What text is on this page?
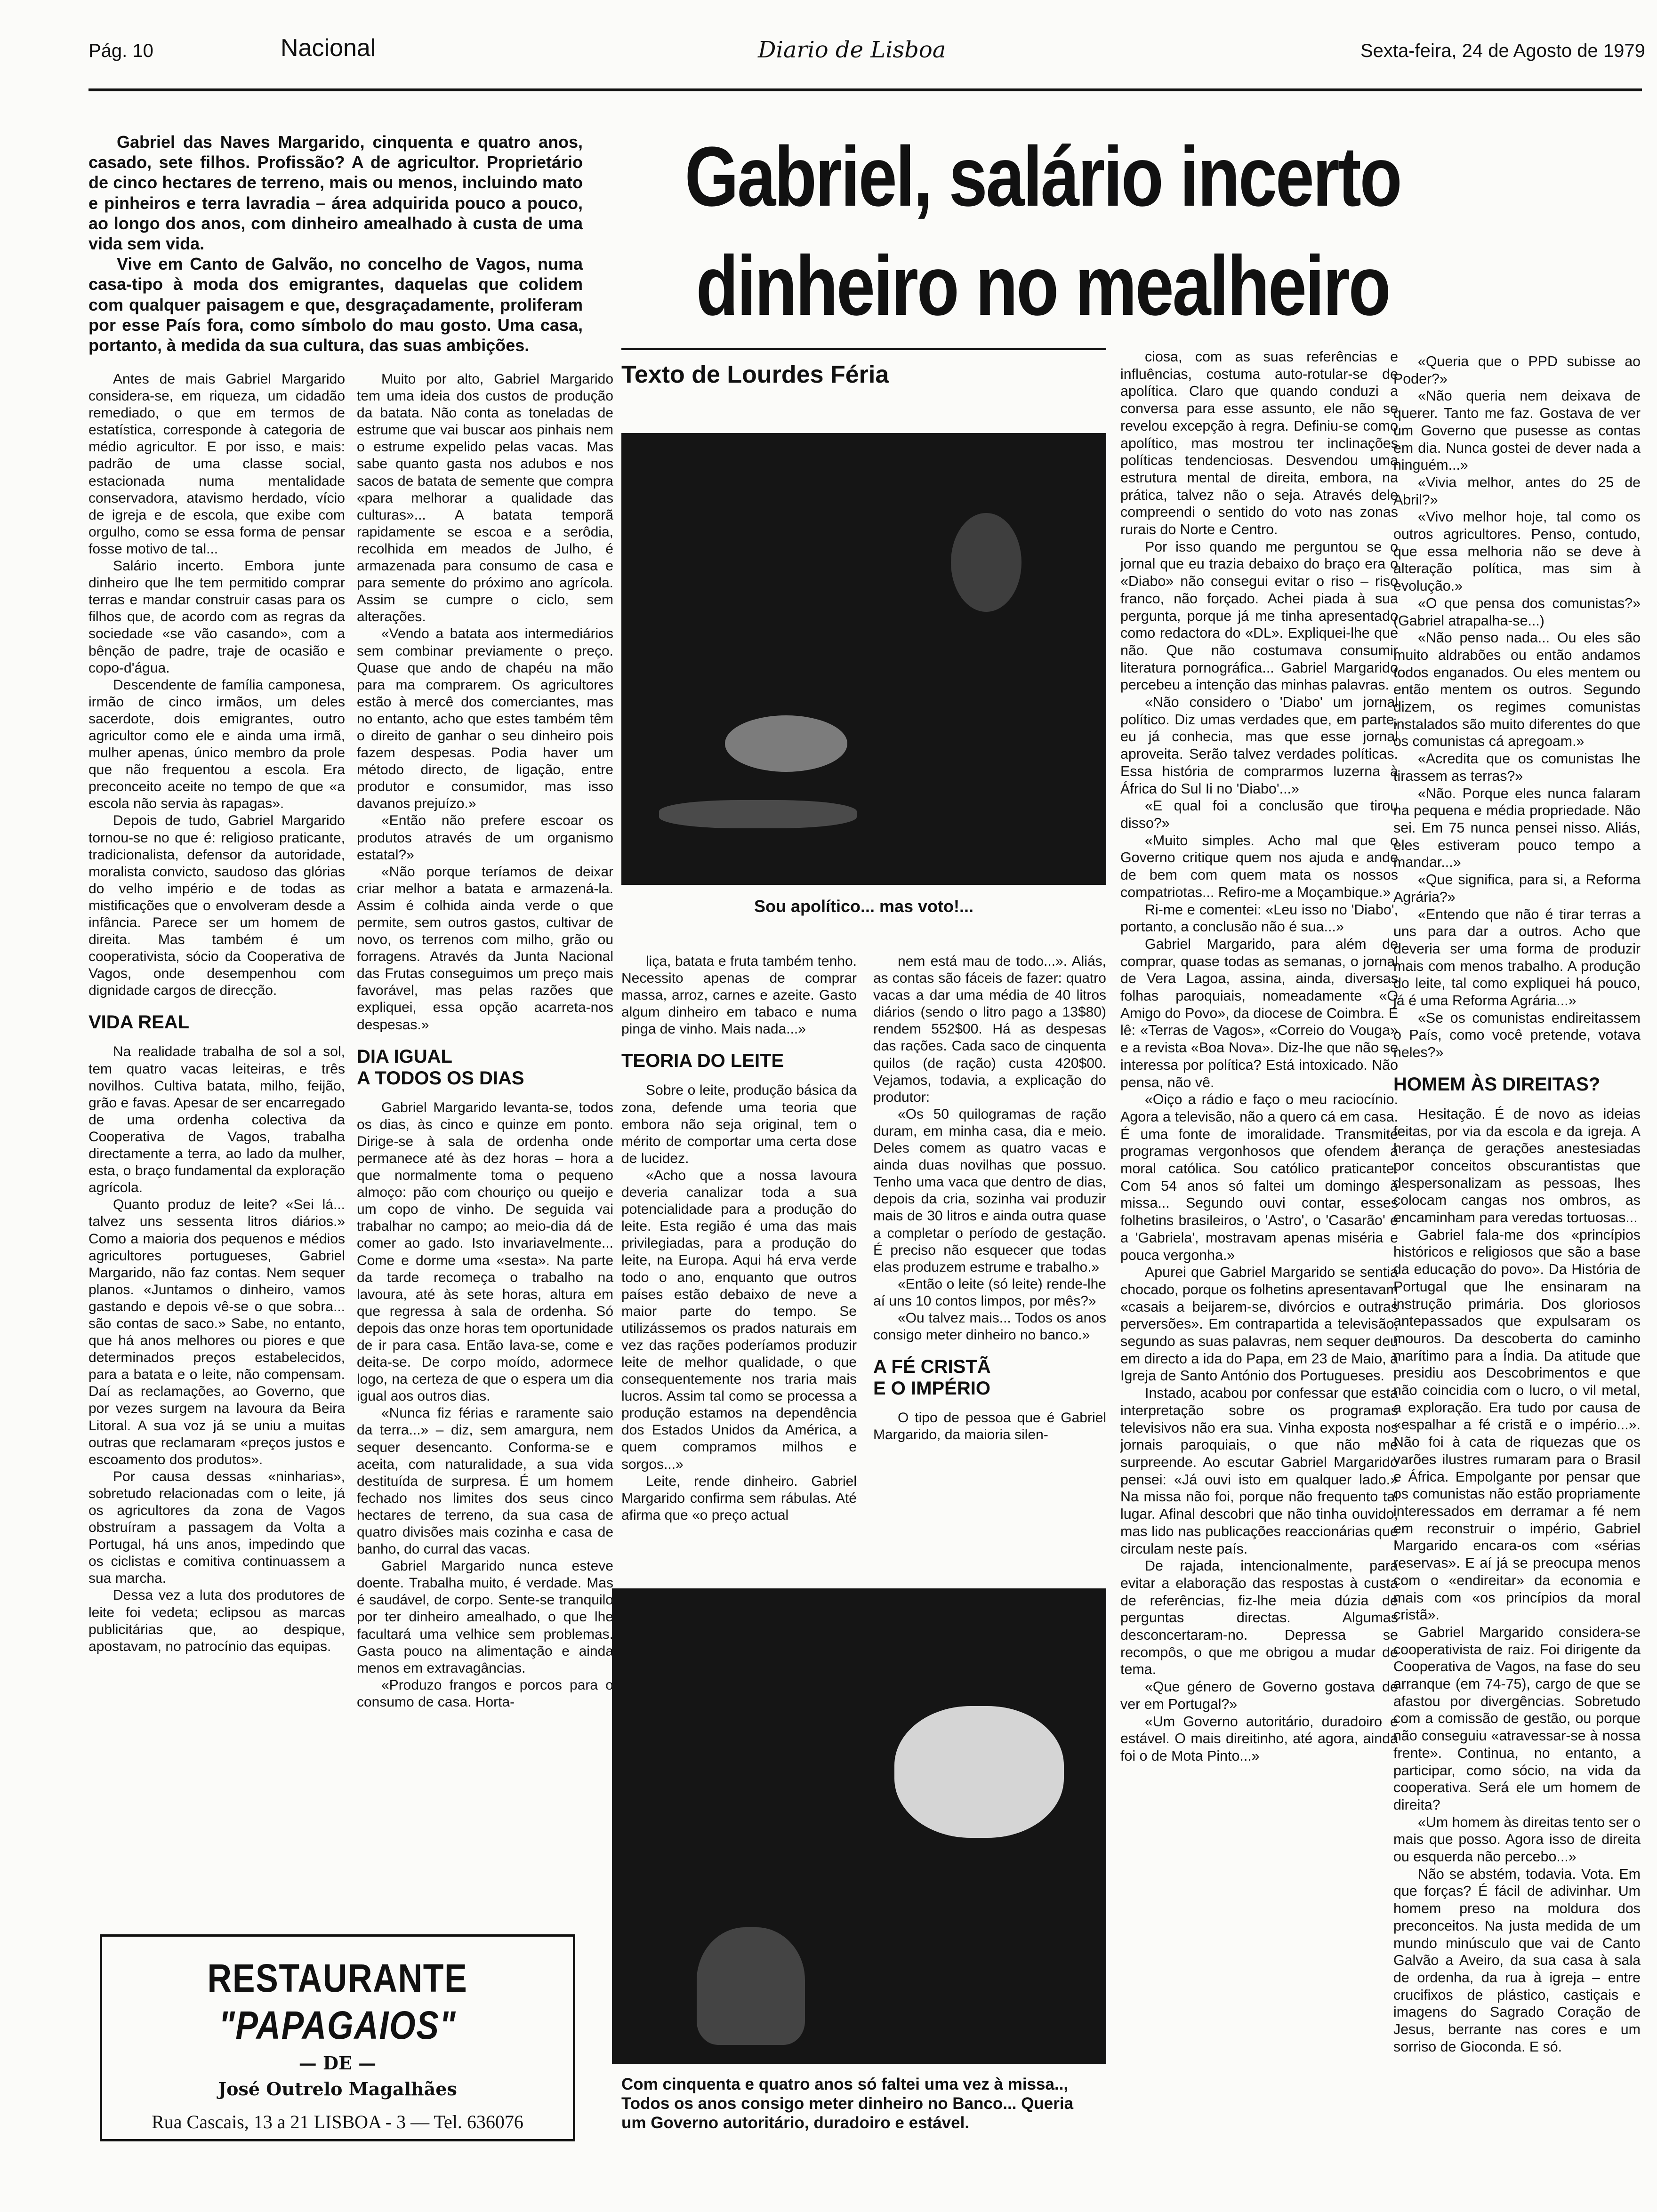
Pág. 10	Nacional	Diario de Lisboa	Sexta-feira, 24 de Agosto de 1979

Gabriel das Naves Margarido, cinquenta e quatro anos, casado, sete filhos. Profissão? A de agricultor. Proprietário de cinco hectares de terreno, mais ou menos, incluindo mato e pinheiros e terra lavradia – área adquirida pouco a pouco, ao longo dos anos, com dinheiro amealhado à custa de uma vida sem vida.

Vive em Canto de Galvão, no concelho de Vagos, numa casa-tipo à moda dos emigrantes, daquelas que colidem com qualquer paisagem e que, desgraçadamente, proliferam por esse País fora, como símbolo do mau gosto. Uma casa, portanto, à medida da sua cultura, das suas ambições.

Gabriel, salário incerto
dinheiro no mealheiro
Texto de Lourdes Féria
Sou apolítico... mas voto!...
Com cinquenta e quatro anos só faltei uma vez à missa.., Todos os anos consigo meter dinheiro no Banco... Queria um Governo autoritário, duradoiro e estável.

Antes de mais Gabriel Margarido considera-se, em riqueza, um cidadão remediado, o que em termos de estatística, corresponde à categoria de médio agricultor. E por isso, e mais: padrão de uma classe social, estacionada numa mentalidade conservadora, atavismo herdado, vício de igreja e de escola, que exibe com orgulho, como se essa forma de pensar fosse motivo de tal...

Salário incerto. Embora junte dinheiro que lhe tem permitido comprar terras e mandar construir casas para os filhos que, de acordo com as regras da sociedade «se vão casando», com a bênção de padre, traje de ocasião e copo-d'água.

Descendente de família camponesa, irmão de cinco irmãos, um deles sacerdote, dois emigrantes, outro agricultor como ele e ainda uma irmã, mulher apenas, único membro da prole que não frequentou a escola. Era preconceito aceite no tempo de que «a escola não servia às rapagas».

Depois de tudo, Gabriel Margarido tornou-se no que é: religioso praticante, tradicionalista, defensor da autoridade, moralista convicto, saudoso das glórias do velho império e de todas as mistificações que o envolveram desde a infância. Parece ser um homem de direita. Mas também é um cooperativista, sócio da Cooperativa de Vagos, onde desempenhou com dignidade cargos de direcção.

VIDA REAL

Na realidade trabalha de sol a sol, tem quatro vacas leiteiras, e três novilhos. Cultiva batata, milho, feijão, grão e favas. Apesar de ser encarregado de uma ordenha colectiva da Cooperativa de Vagos, trabalha directamente a terra, ao lado da mulher, esta, o braço fundamental da exploração agrícola.

Quanto produz de leite? «Sei lá... talvez uns sessenta litros diários.» Como a maioria dos pequenos e médios agricultores portugueses, Gabriel Margarido, não faz contas. Nem sequer planos. «Juntamos o dinheiro, vamos gastando e depois vê-se o que sobra... são contas de saco.» Sabe, no entanto, que há anos melhores ou piores e que determinados preços estabelecidos, para a batata e o leite, não compensam. Daí as reclamações, ao Governo, que por vezes surgem na lavoura da Beira Litoral. A sua voz já se uniu a muitas outras que reclamaram «preços justos e escoamento dos produtos».

Por causa dessas «ninharias», sobretudo relacionadas com o leite, já os agricultores da zona de Vagos obstruíram a passagem da Volta a Portugal, há uns anos, impedindo que os ciclistas e comitiva continuassem a sua marcha.

Dessa vez a luta dos produtores de leite foi vedeta; eclipsou as marcas publicitárias que, ao despique, apostavam, no patrocínio das equipas.

Muito por alto, Gabriel Margarido tem uma ideia dos custos de produção da batata. Não conta as toneladas de estrume que vai buscar aos pinhais nem o estrume expelido pelas vacas. Mas sabe quanto gasta nos adubos e nos sacos de batata de semente que compra «para melhorar a qualidade das culturas»... A batata temporã rapidamente se escoa e a serôdia, recolhida em meados de Julho, é armazenada para consumo de casa e para semente do próximo ano agrícola. Assim se cumpre o ciclo, sem alterações.

«Vendo a batata aos intermediários sem combinar previamente o preço. Quase que ando de chapéu na mão para ma comprarem. Os agricultores estão à mercê dos comerciantes, mas no entanto, acho que estes também têm o direito de ganhar o seu dinheiro pois fazem despesas. Podia haver um método directo, de ligação, entre produtor e consumidor, mas isso davanos prejuízo.»

«Então não prefere escoar os produtos através de um organismo estatal?»

«Não porque teríamos de deixar criar melhor a batata e armazená-la. Assim é colhida ainda verde o que permite, sem outros gastos, cultivar de novo, os terrenos com milho, grão ou forragens. Através da Junta Nacional das Frutas conseguimos um preço mais favorável, mas pelas razões que expliquei, essa opção acarreta-nos despesas.»

DIA IGUAL
A TODOS OS DIAS

Gabriel Margarido levanta-se, todos os dias, às cinco e quinze em ponto. Dirige-se à sala de ordenha onde permanece até às dez horas – hora a que normalmente toma o pequeno almoço: pão com chouriço ou queijo e um copo de vinho. De seguida vai trabalhar no campo; ao meio-dia dá de comer ao gado. Isto invariavelmente... Come e dorme uma «sesta». Na parte da tarde recomeça o trabalho na lavoura, até às sete horas, altura em que regressa à sala de ordenha. Só depois das onze horas tem oportunidade de ir para casa. Então lava-se, come e deita-se. De corpo moído, adormece logo, na certeza de que o espera um dia igual aos outros dias.

«Nunca fiz férias e raramente saio da terra...» – diz, sem amargura, nem sequer desencanto. Conforma-se e aceita, com naturalidade, a sua vida destituída de surpresa. É um homem fechado nos limites dos seus cinco hectares de terreno, da sua casa de quatro divisões mais cozinha e casa de banho, do curral das vacas.

Gabriel Margarido nunca esteve doente. Trabalha muito, é verdade. Mas é saudável, de corpo. Sente-se tranquilo por ter dinheiro amealhado, o que lhe facultará uma velhice sem problemas. Gasta pouco na alimentação e ainda menos em extravagâncias.

«Produzo frangos e porcos para o consumo de casa. Horta-

liça, batata e fruta também tenho. Necessito apenas de comprar massa, arroz, carnes e azeite. Gasto algum dinheiro em tabaco e numa pinga de vinho. Mais nada...»

TEORIA DO LEITE

Sobre o leite, produção básica da zona, defende uma teoria que embora não seja original, tem o mérito de comportar uma certa dose de lucidez.

«Acho que a nossa lavoura deveria canalizar toda a sua potencialidade para a produção do leite. Esta região é uma das mais privilegiadas, para a produção do leite, na Europa. Aqui há erva verde todo o ano, enquanto que outros países estão debaixo de neve a maior parte do tempo. Se utilizássemos os prados naturais em vez das rações poderíamos produzir leite de melhor qualidade, o que consequentemente nos traria mais lucros. Assim tal como se processa a produção estamos na dependência dos Estados Unidos da América, a quem compramos milhos e sorgos...»

Leite, rende dinheiro. Gabriel Margarido confirma sem rábulas. Até afirma que «o preço actual

nem está mau de todo...». Aliás, as contas são fáceis de fazer: quatro vacas a dar uma média de 40 litros diários (sendo o litro pago a 13$80) rendem 552$00. Há as despesas das rações. Cada saco de cinquenta quilos (de ração) custa 420$00. Vejamos, todavia, a explicação do produtor:

«Os 50 quilogramas de ração duram, em minha casa, dia e meio. Deles comem as quatro vacas e ainda duas novilhas que possuo. Tenho uma vaca que dentro de dias, depois da cria, sozinha vai produzir mais de 30 litros e ainda outra quase a completar o período de gestação. É preciso não esquecer que todas elas produzem estrume e trabalho.»

«Então o leite (só leite) rende-lhe aí uns 10 contos limpos, por mês?»

«Ou talvez mais... Todos os anos consigo meter dinheiro no banco.»

A FÉ CRISTÃ
E O IMPÉRIO

O tipo de pessoa que é Gabriel Margarido, da maioria silen-

ciosa, com as suas referências e influências, costuma auto-rotular-se de apolítica. Claro que quando conduzi a conversa para esse assunto, ele não se revelou excepção à regra. Definiu-se como apolítico, mas mostrou ter inclinações políticas tendenciosas. Desvendou uma estrutura mental de direita, embora, na prática, talvez não o seja. Através dele compreendi o sentido do voto nas zonas rurais do Norte e Centro.

Por isso quando me perguntou se o jornal que eu trazia debaixo do braço era o «Diabo» não consegui evitar o riso – riso franco, não forçado. Achei piada à sua pergunta, porque já me tinha apresentado como redactora do «DL». Expliquei-lhe que não. Que não costumava consumir literatura pornográfica... Gabriel Margarido percebeu a intenção das minhas palavras.

«Não considero o 'Diabo' um jornal político. Diz umas verdades que, em parte, eu já conhecia, mas que esse jornal aproveita. Serão talvez verdades políticas. Essa história de comprarmos luzerna à África do Sul Ii no 'Diabo'...»

«E qual foi a conclusão que tirou disso?»

«Muito simples. Acho mal que o Governo critique quem nos ajuda e ande de bem com quem mata os nossos compatriotas... Refiro-me a Moçambique.»

Ri-me e comentei: «Leu isso no 'Diabo', portanto, a conclusão não é sua...»

Gabriel Margarido, para além de comprar, quase todas as semanas, o jornal de Vera Lagoa, assina, ainda, diversas folhas paroquiais, nomeadamente «O Amigo do Povo», da diocese de Coimbra. E lê: «Terras de Vagos», «Correio do Vouga» e a revista «Boa Nova». Diz-lhe que não se interessa por política? Está intoxicado. Não pensa, não vê.

«Oiço a rádio e faço o meu raciocínio. Agora a televisão, não a quero cá em casa. É uma fonte de imoralidade. Transmite programas vergonhosos que ofendem a moral católica. Sou católico praticante. Com 54 anos só faltei um domingo à missa... Segundo ouvi contar, esses folhetins brasileiros, o 'Astro', o 'Casarão' e a 'Gabriela', mostravam apenas miséria e pouca vergonha.»

Apurei que Gabriel Margarido se sentia chocado, porque os folhetins apresentavam «casais a beijarem-se, divórcios e outras perversões». Em contrapartida a televisão, segundo as suas palavras, nem sequer deu em directo a ida do Papa, em 23 de Maio, à Igreja de Santo António dos Portugueses.

Instado, acabou por confessar que esta interpretação sobre os programas televisivos não era sua. Vinha exposta nos jornais paroquiais, o que não me surpreende. Ao escutar Gabriel Margarido pensei: «Já ouvi isto em qualquer lado.» Na missa não foi, porque não frequento tal lugar. Afinal descobri que não tinha ouvido, mas lido nas publicações reaccionárias que circulam neste país.

De rajada, intencionalmente, para evitar a elaboração das respostas à custa de referências, fiz-lhe meia dúzia de perguntas directas. Algumas desconcertaram-no. Depressa se recompôs, o que me obrigou a mudar de tema.

«Que género de Governo gostava de ver em Portugal?»

«Um Governo autoritário, duradoiro e estável. O mais direitinho, até agora, ainda foi o de Mota Pinto...»

«Queria que o PPD subisse ao Poder?»

«Não queria nem deixava de querer. Tanto me faz. Gostava de ver um Governo que pusesse as contas em dia. Nunca gostei de dever nada a ninguém...»

«Vivia melhor, antes do 25 de Abril?»

«Vivo melhor hoje, tal como os outros agricultores. Penso, contudo, que essa melhoria não se deve à alteração política, mas sim à evolução.»

«O que pensa dos comunistas?» (Gabriel atrapalha-se...)

«Não penso nada... Ou eles são muito aldrabões ou então andamos todos enganados. Ou eles mentem ou então mentem os outros. Segundo dizem, os regimes comunistas instalados são muito diferentes do que os comunistas cá apregoam.»

«Acredita que os comunistas lhe tirassem as terras?»

«Não. Porque eles nunca falaram na pequena e média propriedade. Não sei. Em 75 nunca pensei nisso. Aliás, eles estiveram pouco tempo a mandar...»

«Que significa, para si, a Reforma Agrária?»

«Entendo que não é tirar terras a uns para dar a outros. Acho que deveria ser uma forma de produzir mais com menos trabalho. A produção do leite, tal como expliquei há pouco, já é uma Reforma Agrária...»

«Se os comunistas endireitassem o País, como você pretende, votava neles?»

HOMEM ÀS DIREITAS?

Hesitação. É de novo as ideias feitas, por via da escola e da igreja. A herança de gerações anestesiadas por conceitos obscurantistas que despersonalizam as pessoas, lhes colocam cangas nos ombros, as encaminham para veredas tortuosas...

Gabriel fala-me dos «princípios históricos e religiosos que são a base da educação do povo». Da História de Portugal que lhe ensinaram na instrução primária. Dos gloriosos antepassados que expulsaram os mouros. Da descoberta do caminho marítimo para a Índia. Da atitude que presidiu aos Descobrimentos e que não coincidia com o lucro, o vil metal, a exploração. Era tudo por causa de «espalhar a fé cristã e o império...». Não foi à cata de riquezas que os varões ilustres rumaram para o Brasil e África. Empolgante por pensar que os comunistas não estão propriamente interessados em derramar a fé nem em reconstruir o império, Gabriel Margarido encara-os com «sérias reservas». E aí já se preocupa menos com o «endireitar» da economia e mais com «os princípios da moral cristã».

Gabriel Margarido considera-se cooperativista de raiz. Foi dirigente da Cooperativa de Vagos, na fase do seu arranque (em 74-75), cargo de que se afastou por divergências. Sobretudo com a comissão de gestão, ou porque não conseguiu «atravessar-se à nossa frente». Continua, no entanto, a participar, como sócio, na vida da cooperativa. Será ele um homem de direita?

«Um homem às direitas tento ser o mais que posso. Agora isso de direita ou esquerda não percebo...»

Não se abstém, todavia. Vota. Em que forças? É fácil de adivinhar. Um homem preso na moldura dos preconceitos. Na justa medida de um mundo minúsculo que vai de Canto Galvão a Aveiro, da sua casa à sala de ordenha, da rua à igreja – entre crucifixos de plástico, castiçais e imagens do Sagrado Coração de Jesus, berrante nas cores e um sorriso de Gioconda. E só.

RESTAURANTE
"PAPAGAIOS"
— DE —
José Outrelo Magalhães
Rua Cascais, 13 a 21 LISBOA - 3 — Tel. 636076
